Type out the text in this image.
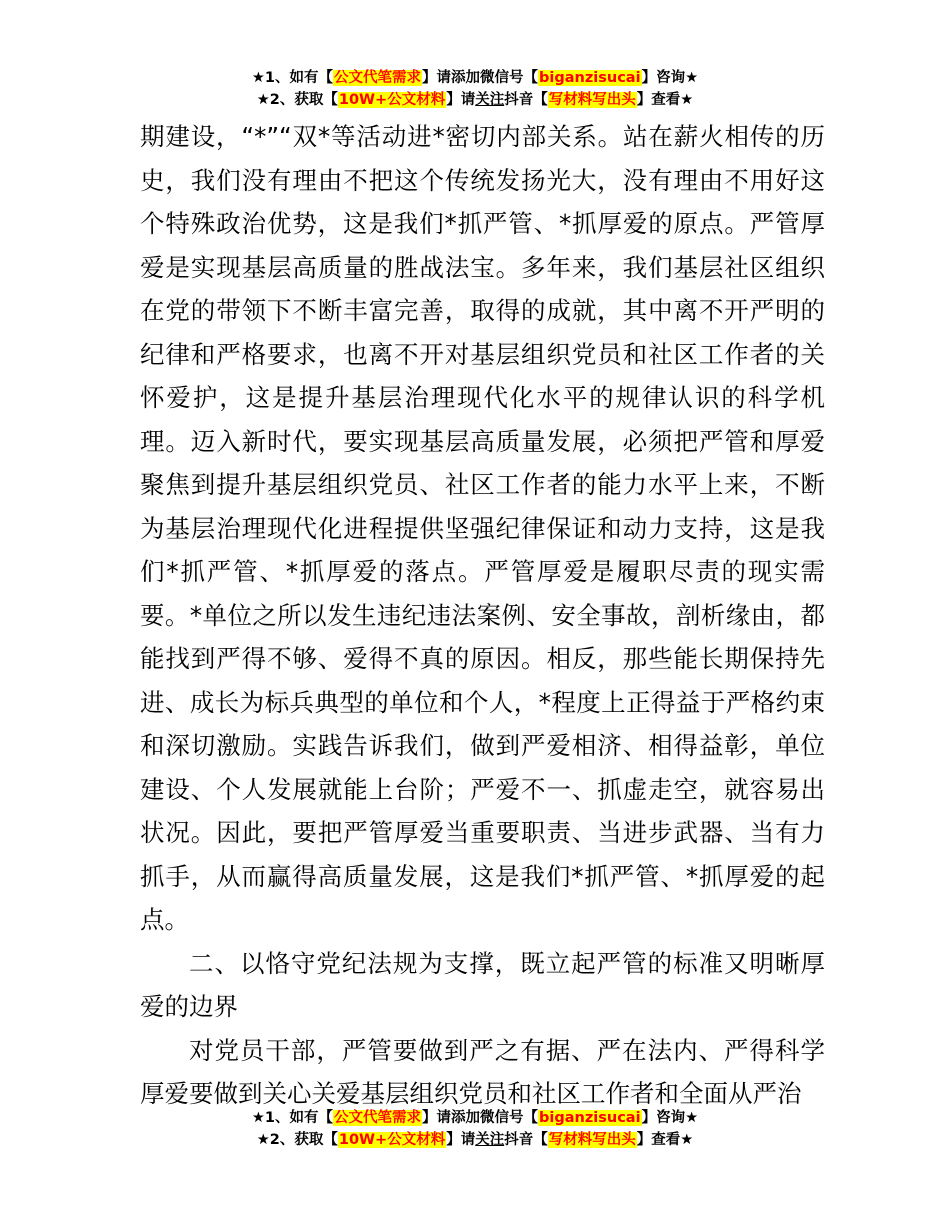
★1、如有【公文代笔需求】请添加微信号【biganzisucai】咨询★
★2、获取【10W+公文材料】请关注抖音【写材料写出头】查看★

期建设，“*”“双*等活动进*密切内部关系。站在薪火相传的历史，我们没有理由不把这个传统发扬光大，没有理由不用好这个特殊政治优势，这是我们*抓严管、*抓厚爱的原点。严管厚爱是实现基层高质量的胜战法宝。多年来，我们基层社区组织在党的带领下不断丰富完善，取得的成就，其中离不开严明的纪律和严格要求，也离不开对基层组织党员和社区工作者的关怀爱护，这是提升基层治理现代化水平的规律认识的科学机理。迈入新时代，要实现基层高质量发展，必须把严管和厚爱聚焦到提升基层组织党员、社区工作者的能力水平上来，不断为基层治理现代化进程提供坚强纪律保证和动力支持，这是我们*抓严管、*抓厚爱的落点。严管厚爱是履职尽责的现实需要。*单位之所以发生违纪违法案例、安全事故，剖析缘由，都能找到严得不够、爱得不真的原因。相反，那些能长期保持先进、成长为标兵典型的单位和个人，*程度上正得益于严格约束和深切激励。实践告诉我们，做到严爱相济、相得益彰，单位建设、个人发展就能上台阶；严爱不一、抓虚走空，就容易出状况。因此，要把严管厚爱当重要职责、当进步武器、当有力抓手，从而赢得高质量发展，这是我们*抓严管、*抓厚爱的起点。

二、以恪守党纪法规为支撑，既立起严管的标准又明晰厚爱的边界

对党员干部，严管要做到严之有据、严在法内、严得科学厚爱要做到关心关爱基层组织党员和社区工作者和全面从严治

★1、如有【公文代笔需求】请添加微信号【biganzisucai】咨询★
★2、获取【10W+公文材料】请关注抖音【写材料写出头】查看★
